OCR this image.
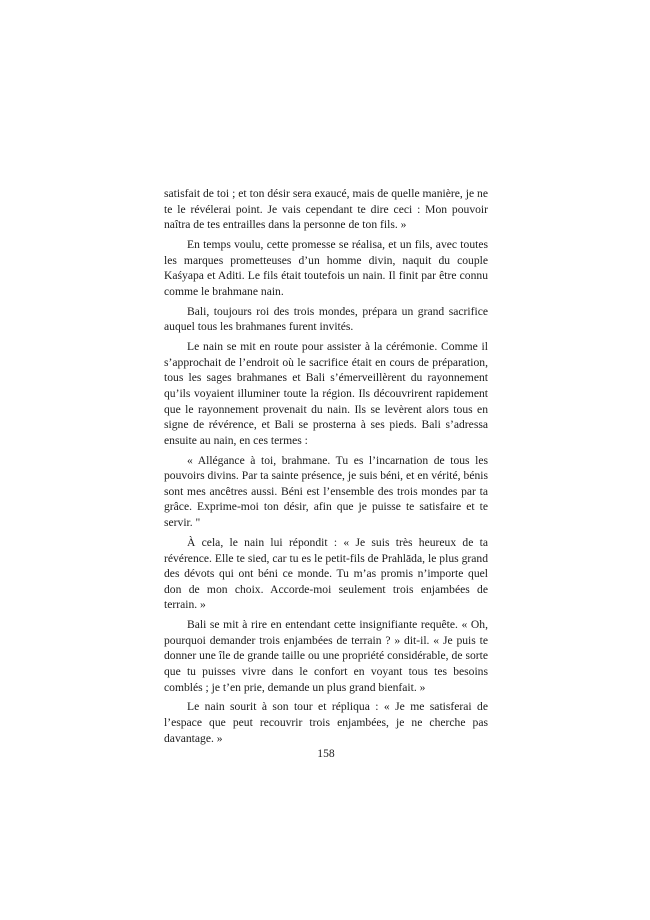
satisfait de toi ; et ton désir sera exaucé, mais de quelle manière, je ne te le révélerai point. Je vais cependant te dire ceci : Mon pouvoir naîtra de tes entrailles dans la personne de ton fils. »

En temps voulu, cette promesse se réalisa, et un fils, avec toutes les marques prometteuses d’un homme divin, naquit du couple Kaśyapa et Aditi. Le fils était toutefois un nain. Il finit par être connu comme le brahmane nain.

Bali, toujours roi des trois mondes, prépara un grand sacrifice auquel tous les brahmanes furent invités.

Le nain se mit en route pour assister à la cérémonie. Comme il s’approchait de l’endroit où le sacrifice était en cours de préparation, tous les sages brahmanes et Bali s’émerveillèrent du rayonnement qu’ils voyaient illuminer toute la région. Ils découvrirent rapidement que le rayonnement provenait du nain. Ils se levèrent alors tous en signe de révérence, et Bali se prosterna à ses pieds. Bali s’adressa ensuite au nain, en ces termes :

« Allégance à toi, brahmane. Tu es l’incarnation de tous les pouvoirs divins. Par ta sainte présence, je suis béni, et en vérité, bénis sont mes ancêtres aussi. Béni est l’ensemble des trois mondes par ta grâce. Exprime-moi ton désir, afin que je puisse te satisfaire et te servir. "

À cela, le nain lui répondit : « Je suis très heureux de ta révérence. Elle te sied, car tu es le petit-fils de Prahlāda, le plus grand des dévots qui ont béni ce monde. Tu m’as promis n’importe quel don de mon choix. Accorde-moi seulement trois enjambées de terrain. »

Bali se mit à rire en entendant cette insignifiante requête. « Oh, pourquoi demander trois enjambées de terrain ? » dit-il. « Je puis te donner une île de grande taille ou une propriété considérable, de sorte que tu puisses vivre dans le confort en voyant tous tes besoins comblés ; je t’en prie, demande un plus grand bienfait. »

Le nain sourit à son tour et répliqua : « Je me satisferai de l’espace que peut recouvrir trois enjambées, je ne cherche pas davantage. »

158
